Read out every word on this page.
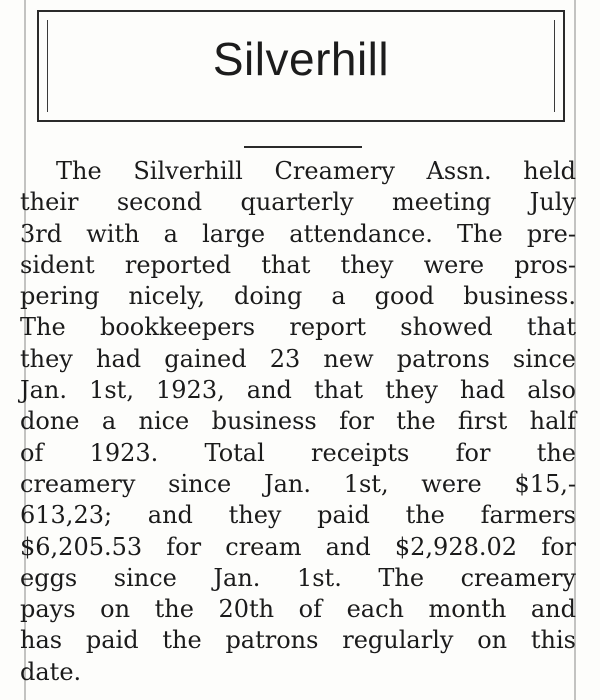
Silverhill
The Silverhill Creamery Assn. held
their second quarterly meeting July
3rd with a large attendance. The pre-
sident reported that they were pros-
pering nicely, doing a good business.
The bookkeepers report showed that
they had gained 23 new patrons since
Jan. 1st, 1923, and that they had also
done a nice business for the first half
of 1923. Total receipts for the
creamery since Jan. 1st, were $15,-
613,23; and they paid the farmers
$6,205.53 for cream and $2,928.02 for
eggs since Jan. 1st. The creamery
pays on the 20th of each month and
has paid the patrons regularly on this
date.
